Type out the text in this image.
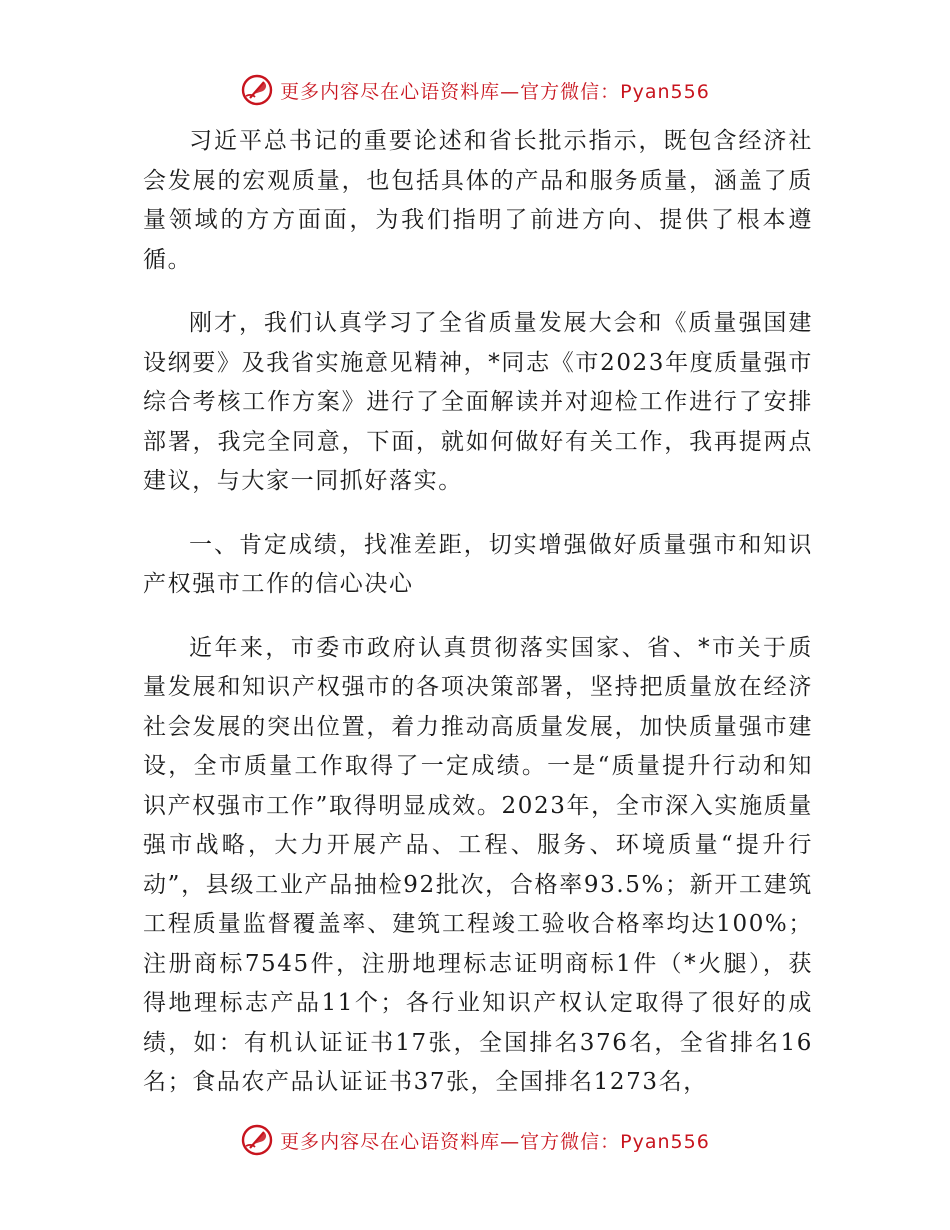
更多内容尽在心语资料库—官方微信：Pyan556

习近平总书记的重要论述和省长批示指示，既包含经济社会发展的宏观质量，也包括具体的产品和服务质量，涵盖了质量领域的方方面面，为我们指明了前进方向、提供了根本遵循。

刚才，我们认真学习了全省质量发展大会和《质量强国建设纲要》及我省实施意见精神，*同志《市2023年度质量强市综合考核工作方案》进行了全面解读并对迎检工作进行了安排部署，我完全同意，下面，就如何做好有关工作，我再提两点建议，与大家一同抓好落实。

一、肯定成绩，找准差距，切实增强做好质量强市和知识产权强市工作的信心决心

近年来，市委市政府认真贯彻落实国家、省、*市关于质量发展和知识产权强市的各项决策部署，坚持把质量放在经济社会发展的突出位置，着力推动高质量发展，加快质量强市建设，全市质量工作取得了一定成绩。一是“质量提升行动和知识产权强市工作”取得明显成效。2023年，全市深入实施质量强市战略，大力开展产品、工程、服务、环境质量“提升行动”，县级工业产品抽检92批次，合格率93.5%；新开工建筑工程质量监督覆盖率、建筑工程竣工验收合格率均达100%；注册商标7545件，注册地理标志证明商标1件（*火腿），获得地理标志产品11个；各行业知识产权认定取得了很好的成绩，如：有机认证证书17张，全国排名376名，全省排名16名；食品农产品认证证书37张，全国排名1273名，

更多内容尽在心语资料库—官方微信：Pyan556
